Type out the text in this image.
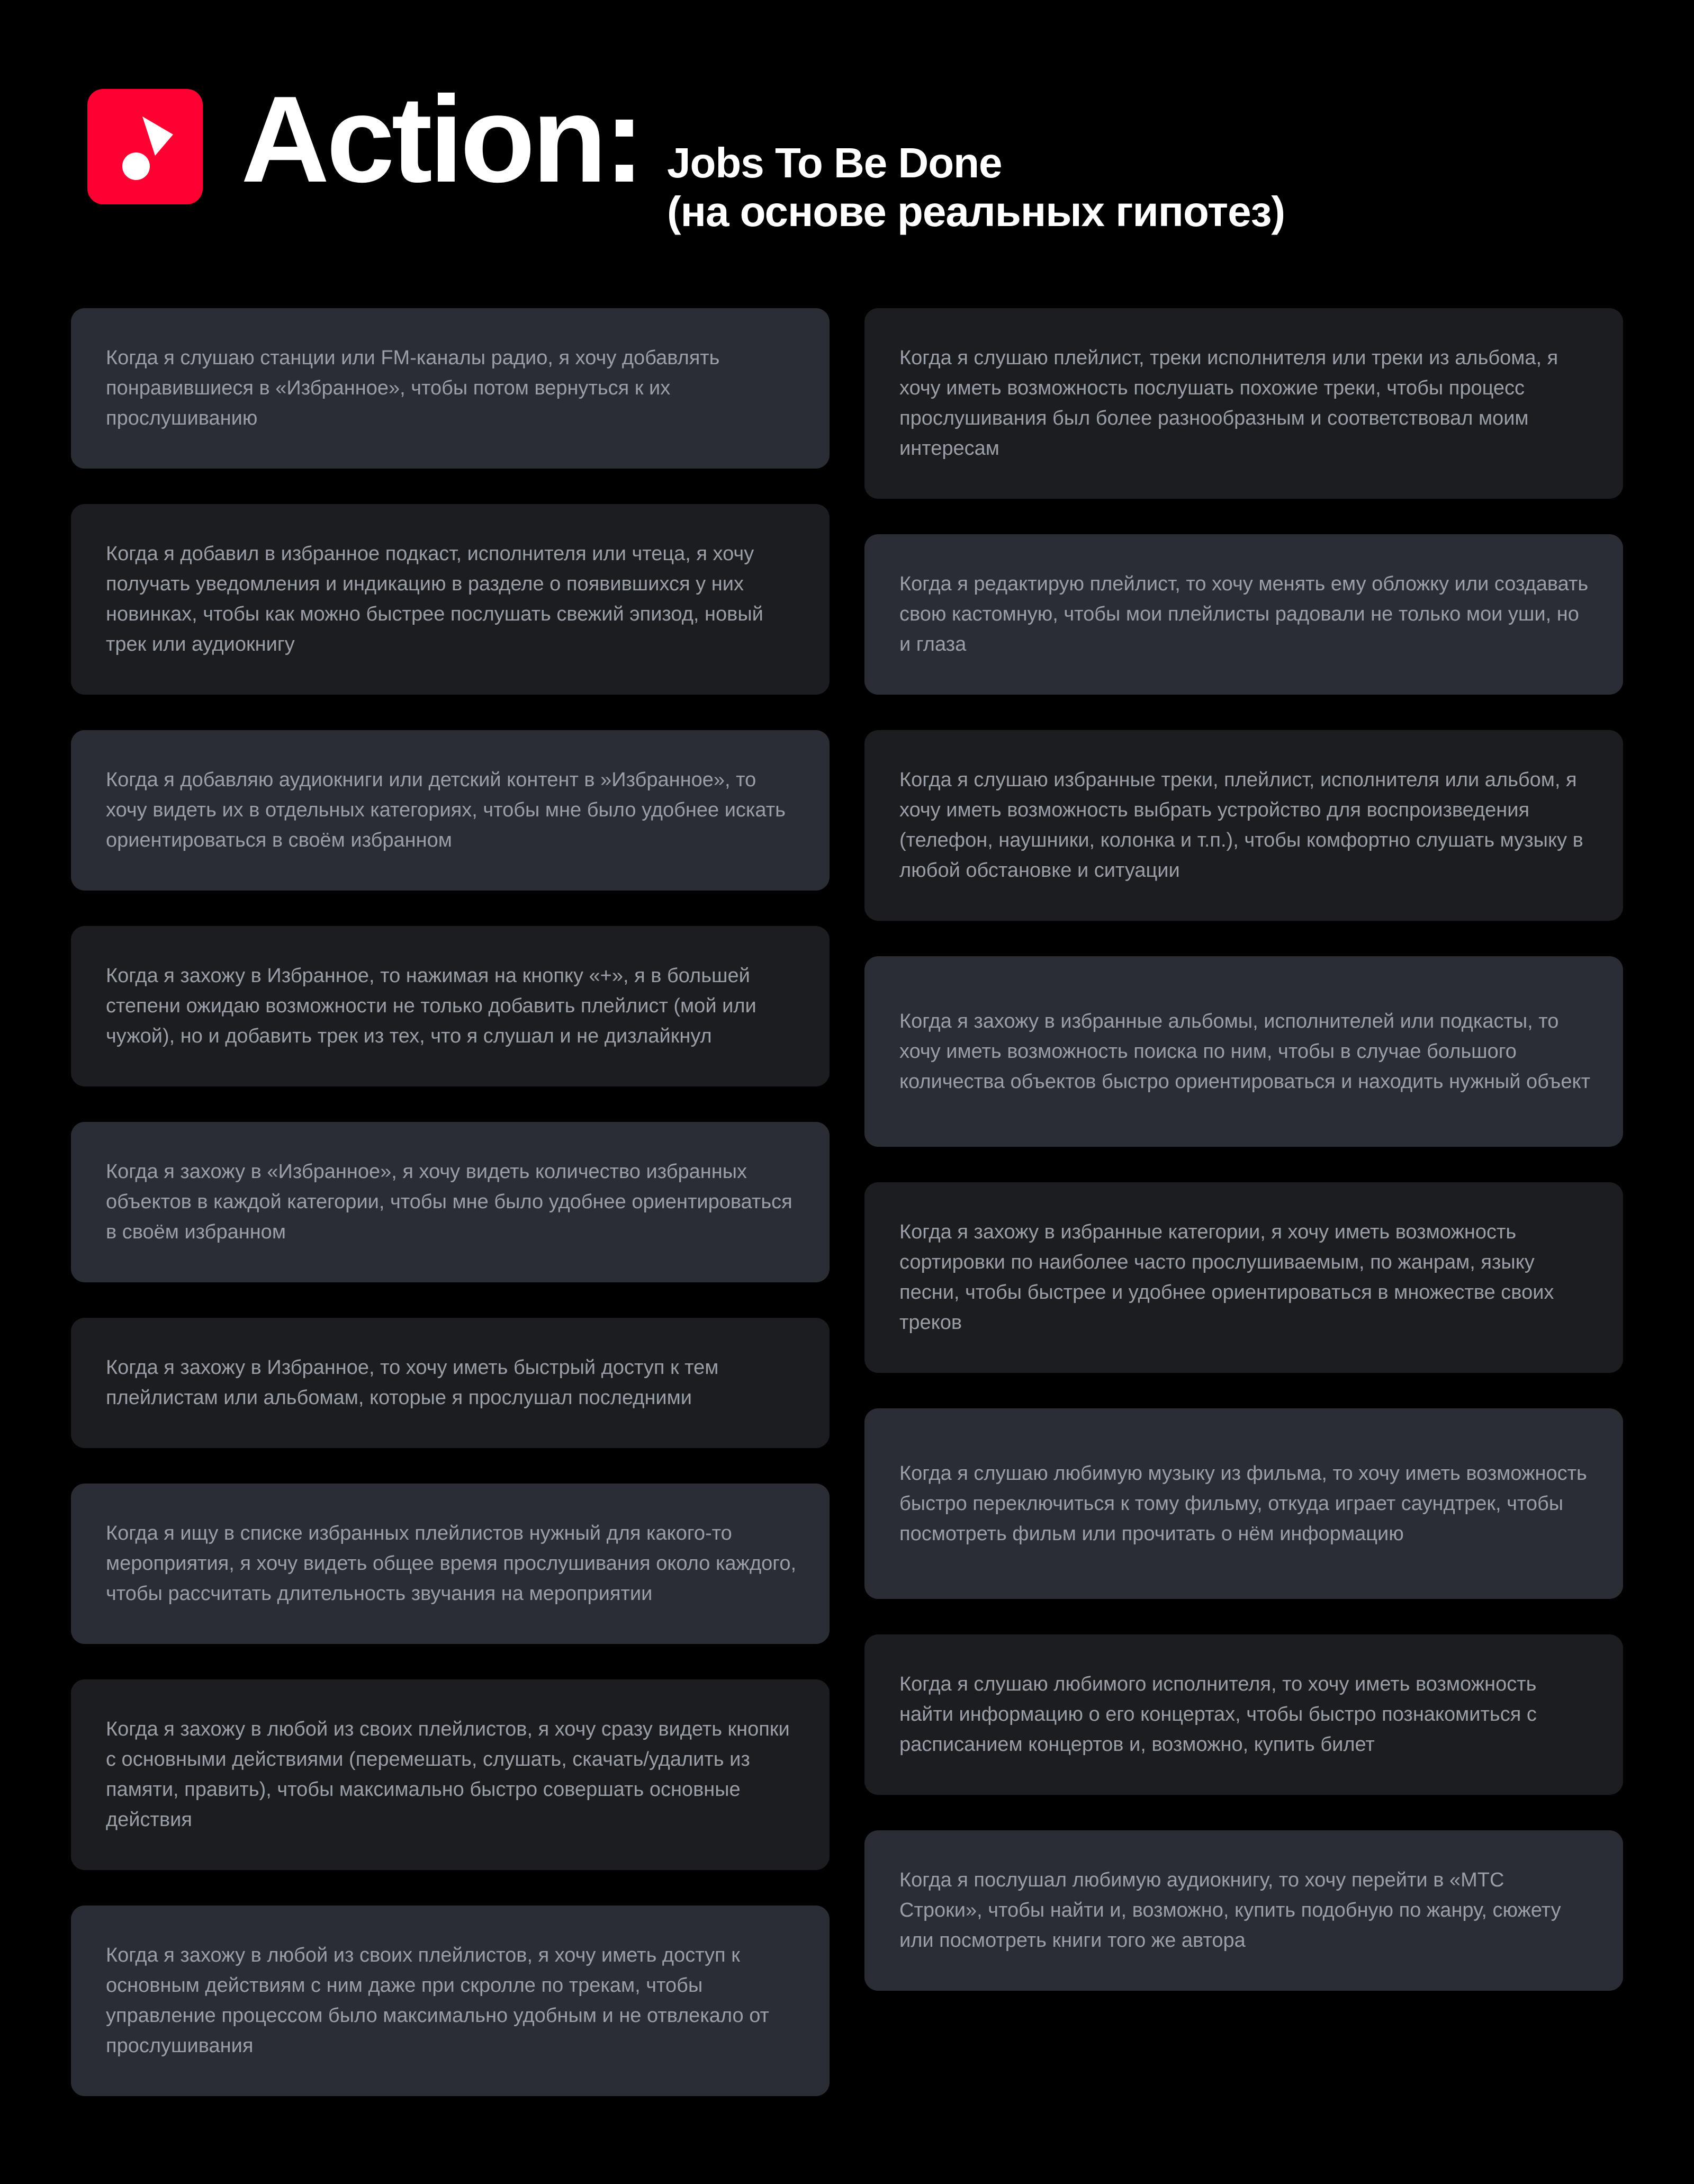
Action: Jobs To Be Done
(на основе реальных гипотез)
Когда я слушаю станции или FM-каналы радио, я хочу добавлять понравившиеся в «Избранное», чтобы потом вернуться к их прослушиванию
Когда я добавил в избранное подкаст, исполнителя или чтеца, я хочу получать уведомления и индикацию в разделе о появившихся у них новинках, чтобы как можно быстрее послушать свежий эпизод, новый трек или аудиокнигу
Когда я добавляю аудиокниги или детский контент в »Избранное», то хочу видеть их в отдельных категориях, чтобы мне было удобнее искать ориентироваться в своём избранном
Когда я захожу в Избранное, то нажимая на кнопку «+», я в большей степени ожидаю возможности не только добавить плейлист (мой или чужой), но и добавить трек из тех, что я слушал и не дизлайкнул
Когда я захожу в «Избранное», я хочу видеть количество избранных объектов в каждой категории, чтобы мне было удобнее ориентироваться в своём избранном
Когда я захожу в Избранное, то хочу иметь быстрый доступ к тем плейлистам или альбомам, которые я прослушал последними
Когда я ищу в списке избранных плейлистов нужный для какого-то мероприятия, я хочу видеть общее время прослушивания около каждого, чтобы рассчитать длительность звучания на мероприятии
Когда я захожу в любой из своих плейлистов, я хочу сразу видеть кнопки с основными действиями (перемешать, слушать, скачать/удалить из памяти, править), чтобы максимально быстро совершать основные действия
Когда я захожу в любой из своих плейлистов, я хочу иметь доступ к основным действиям с ним даже при скролле по трекам, чтобы управление процессом было максимально удобным и не отвлекало от прослушивания
Когда я слушаю плейлист, треки исполнителя или треки из альбома, я хочу иметь возможность послушать похожие треки, чтобы процесс прослушивания был более разнообразным и соответствовал моим интересам
Когда я редактирую плейлист, то хочу менять ему обложку или создавать свою кастомную, чтобы мои плейлисты радовали не только мои уши, но и глаза
Когда я слушаю избранные треки, плейлист, исполнителя или альбом, я хочу иметь возможность выбрать устройство для воспроизведения (телефон, наушники, колонка и т.п.), чтобы комфортно слушать музыку в любой обстановке и ситуации
Когда я захожу в избранные альбомы, исполнителей или подкасты, то хочу иметь возможность поиска по ним, чтобы в случае большого количества объектов быстро ориентироваться и находить нужный объект
Когда я захожу в избранные категории, я хочу иметь возможность сортировки по наиболее часто прослушиваемым, по жанрам, языку песни, чтобы быстрее и удобнее ориентироваться в множестве своих треков
Когда я слушаю любимую музыку из фильма, то хочу иметь возможность быстро переключиться к тому фильму, откуда играет саундтрек, чтобы посмотреть фильм или прочитать о нём информацию
Когда я слушаю любимого исполнителя, то хочу иметь возможность найти информацию о его концертах, чтобы быстро познакомиться с расписанием концертов и, возможно, купить билет
Когда я послушал любимую аудиокнигу, то хочу перейти в «МТС Строки», чтобы найти и, возможно, купить подобную по жанру, сюжету или посмотреть книги того же автора
